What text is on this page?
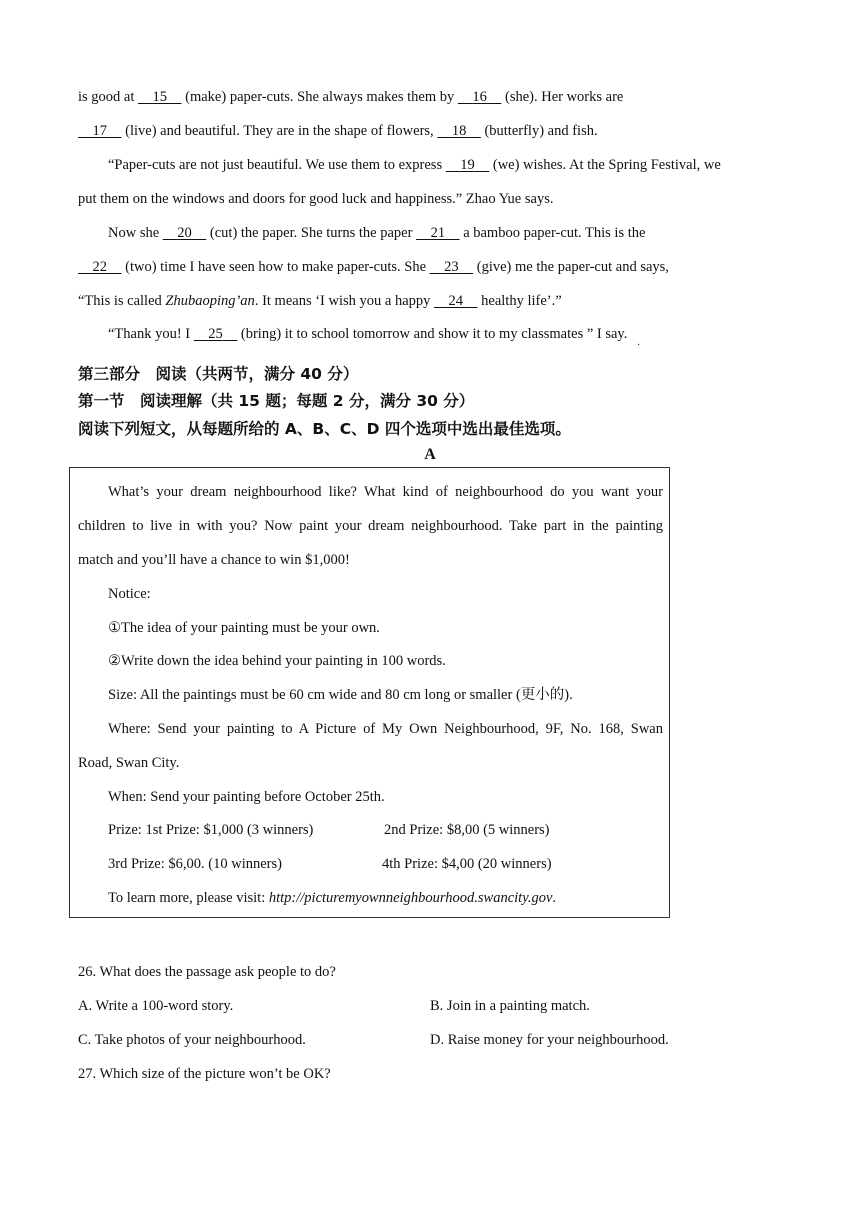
is good at     15     (make) paper-cuts. She always makes them by     16     (she). Her works are
17     (live) and beautiful. They are in the shape of flowers,     18     (butterfly) and fish.
“Paper-cuts are not just beautiful. We use them to express     19     (we) wishes. At the Spring Festival, we
put them on the windows and doors for good luck and happiness.” Zhao Yue says.
Now she     20     (cut) the paper. She turns the paper     21     a bamboo paper-cut. This is the
22     (two) time I have seen how to make paper-cuts. She     23     (give) me the paper-cut and says,
“This is called Zhubaoping’an. It means ‘I wish you a happy     24     healthy life’.”
“Thank you! I     25     (bring) it to school tomorrow and show it to my classmates ” I say.
·
第三部分　阅读（共两节，满分 40 分）
第一节　阅读理解（共 15 题；每题 2 分，满分 30 分）
阅读下列短文，从每题所给的 A、B、C、D 四个选项中选出最佳选项。
A
What’s your dream neighbourhood like? What kind of neighbourhood do you want your
children to live in with you? Now paint your dream neighbourhood. Take part in the painting
match and you’ll have a chance to win $1,000!
Notice:
①The idea of your painting must be your own.
②Write down the idea behind your painting in 100 words.
Size: All the paintings must be 60 cm wide and 80 cm long or smaller (更小的).
Where: Send your painting to A Picture of My Own Neighbourhood, 9F, No. 168, Swan
Road, Swan City.
When: Send your painting before October 25th.
Prize: 1st Prize: $1,000 (3 winners)	2nd Prize: $8,00 (5 winners)
3rd Prize: $6,00. (10 winners)	4th Prize: $4,00 (20 winners)
To learn more, please visit: http://picturemyownneighbourhood.swancity.gov.
26. What does the passage ask people to do?
A. Write a 100-word story.	B. Join in a painting match.
C. Take photos of your neighbourhood.	D. Raise money for your neighbourhood.
27. Which size of the picture won’t be OK?
